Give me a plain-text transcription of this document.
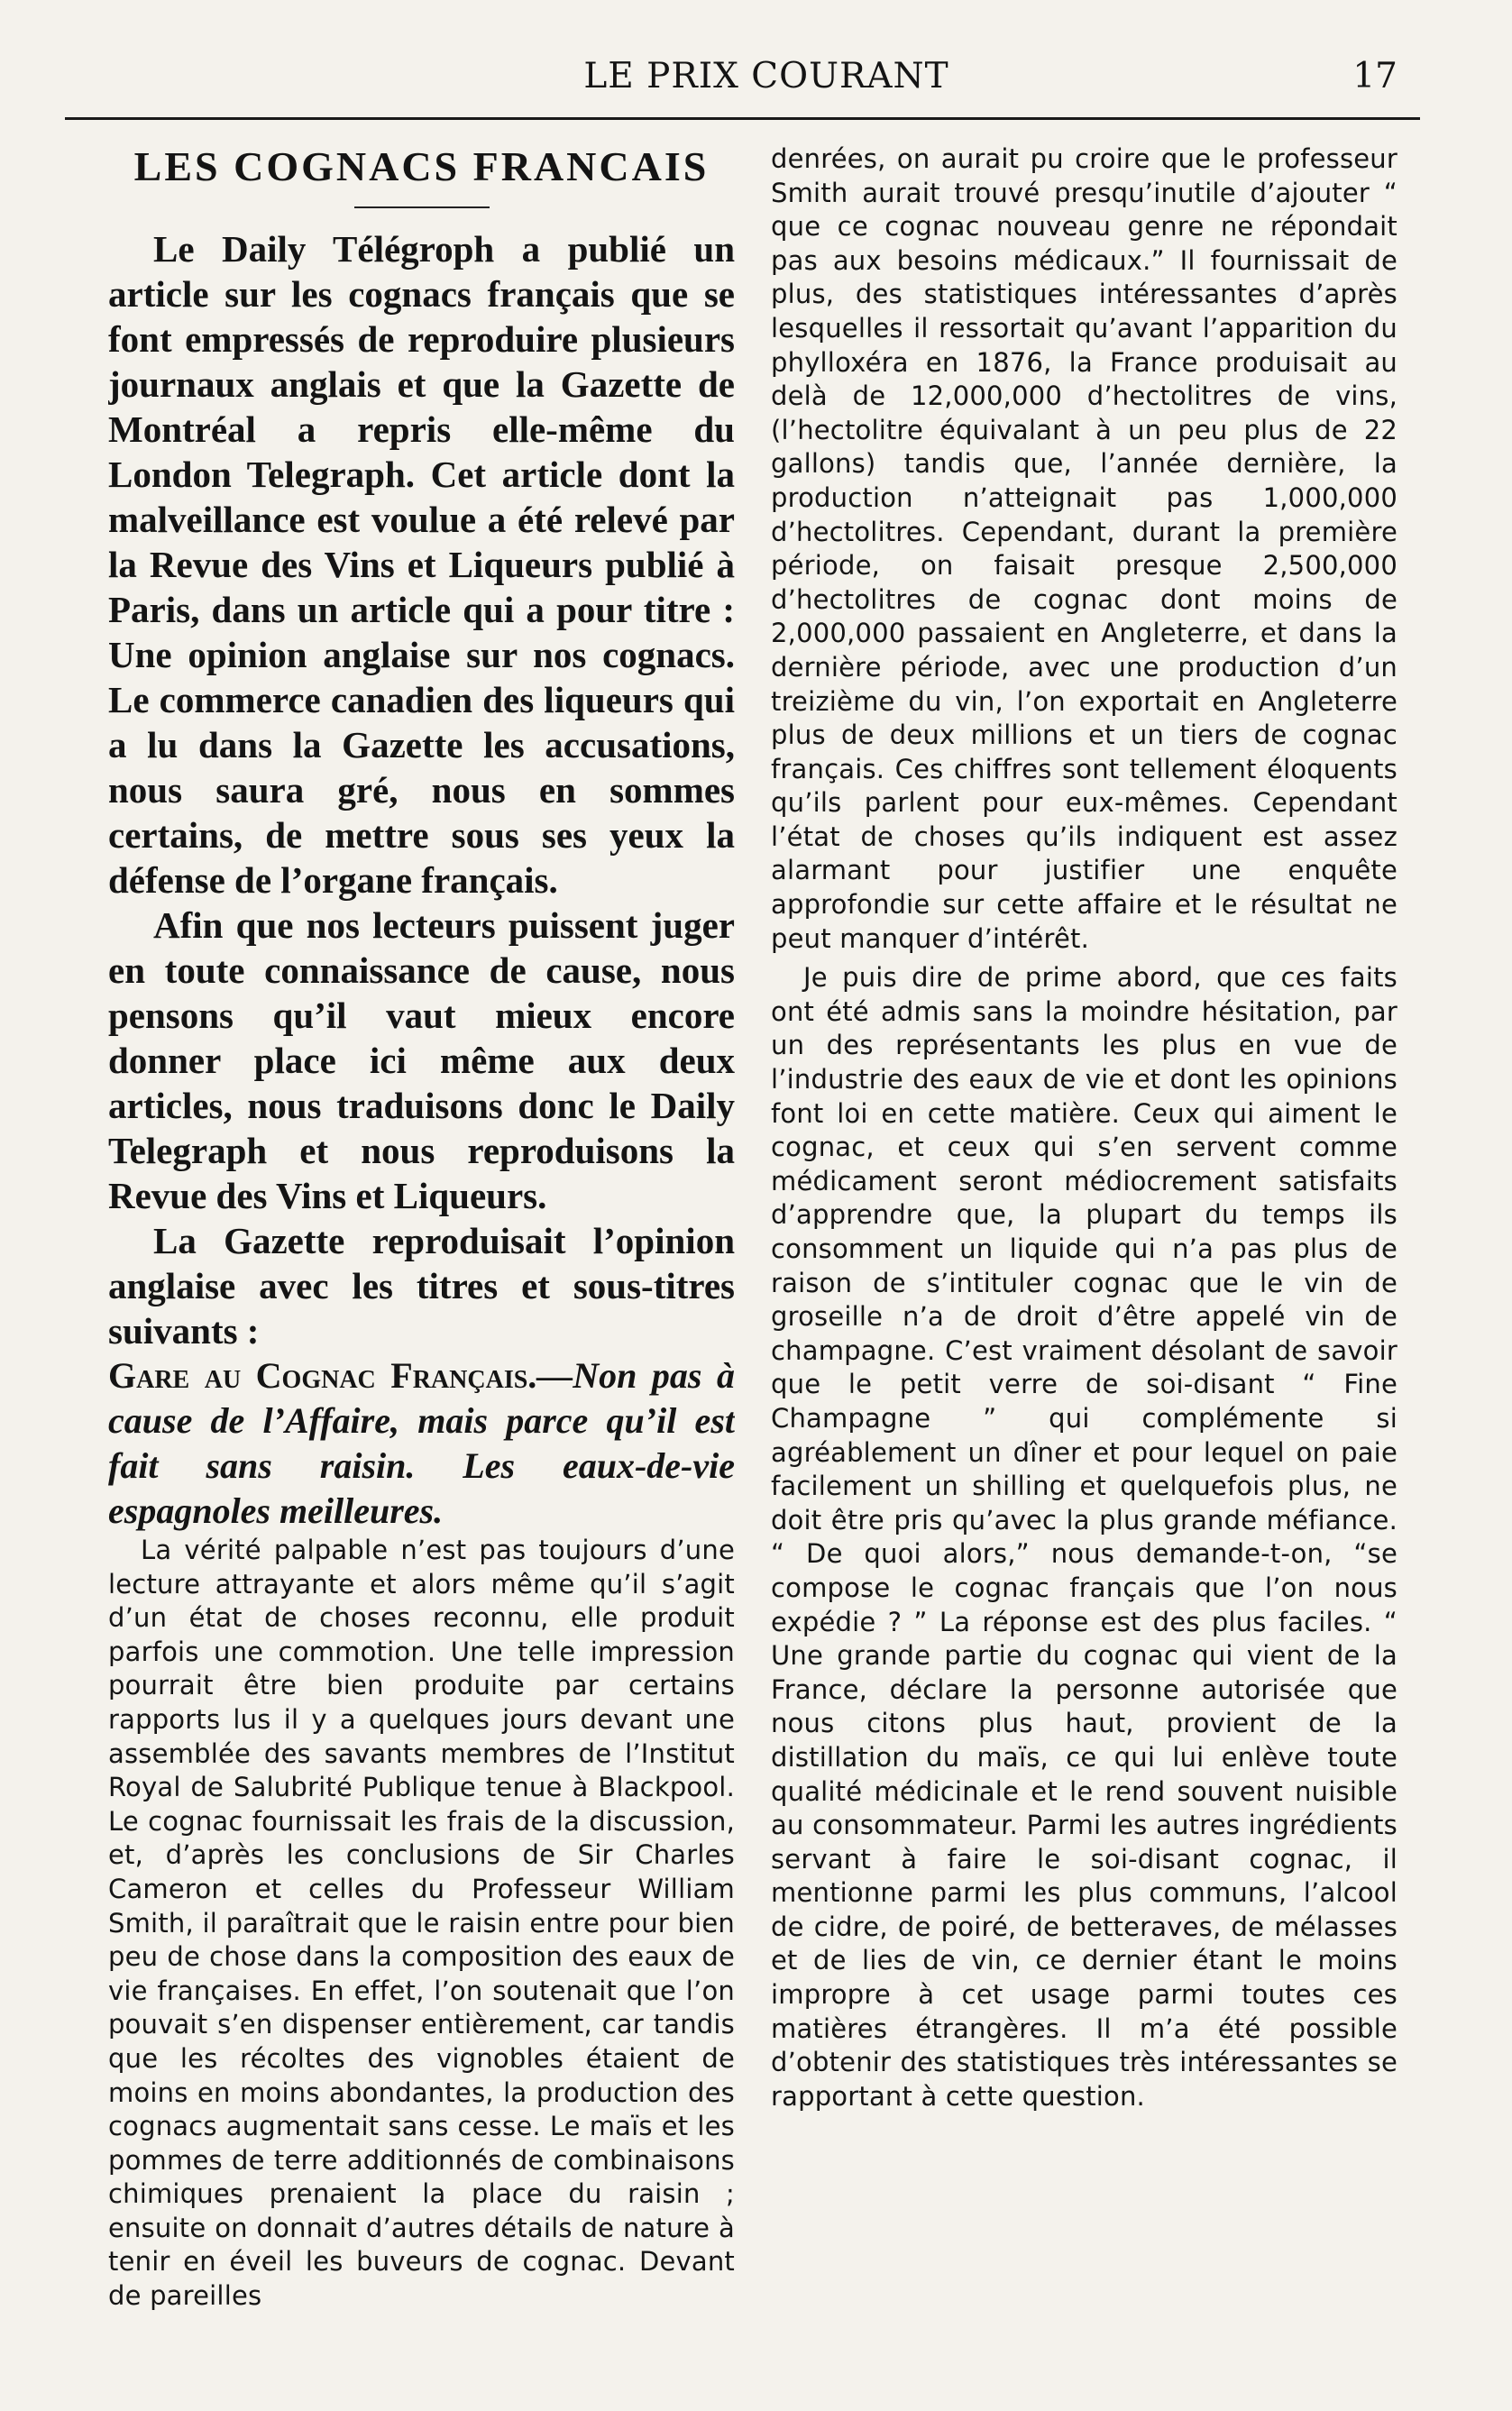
LE PRIX COURANT	17
LES COGNACS FRANCAIS

Le Daily Télégroph a publié un article sur les cognacs français que se font empressés de reproduire plusieurs journaux anglais et que la Gazette de Montréal a repris elle-même du London Telegraph. Cet article dont la malveillance est voulue a été relevé par la Revue des Vins et Liqueurs publié à Paris, dans un article qui a pour titre : Une opinion anglaise sur nos cognacs. Le commerce canadien des liqueurs qui a lu dans la Gazette les accusations, nous saura gré, nous en sommes certains, de mettre sous ses yeux la défense de l’organe français.

Afin que nos lecteurs puissent juger en toute connaissance de cause, nous pensons qu’il vaut mieux encore donner place ici même aux deux articles, nous traduisons donc le Daily Telegraph et nous reproduisons la Revue des Vins et Liqueurs.

La Gazette reproduisait l’opinion anglaise avec les titres et sous-titres suivants :

Gare au Cognac Français.—Non pas à cause de l’Affaire, mais parce qu’il est fait sans raisin. Les eaux-de-vie espagnoles meilleures.

La vérité palpable n’est pas toujours d’une lecture attrayante et alors même qu’il s’agit d’un état de choses reconnu, elle produit parfois une commotion. Une telle impression pourrait être bien produite par certains rapports lus il y a quelques jours devant une assemblée des savants membres de l’Institut Royal de Salubrité Publique tenue à Blackpool. Le cognac fournissait les frais de la discussion, et, d’après les conclusions de Sir Charles Cameron et celles du Professeur William Smith, il paraîtrait que le raisin entre pour bien peu de chose dans la composition des eaux de vie françaises. En effet, l’on soutenait que l’on pouvait s’en dispenser entièrement, car tandis que les récoltes des vignobles étaient de moins en moins abondantes, la production des cognacs augmentait sans cesse. Le maïs et les pommes de terre additionnés de combinaisons chimiques prenaient la place du raisin ; ensuite on donnait d’autres détails de nature à tenir en éveil les buveurs de cognac. Devant de pareilles

denrées, on aurait pu croire que le professeur Smith aurait trouvé presqu’inutile d’ajouter “ que ce cognac nouveau genre ne répondait pas aux besoins médicaux.” Il fournissait de plus, des statistiques intéressantes d’après lesquelles il ressortait qu’avant l’apparition du phylloxéra en 1876, la France produisait au delà de 12,000,000 d’hectolitres de vins, (l’hectolitre équivalant à un peu plus de 22 gallons) tandis que, l’année dernière, la production n’atteignait pas 1,000,000 d’hectolitres. Cependant, durant la première période, on faisait presque 2,500,000 d’hectolitres de cognac dont moins de 2,000,000 passaient en Angleterre, et dans la dernière période, avec une production d’un treizième du vin, l’on exportait en Angleterre plus de deux millions et un tiers de cognac français. Ces chiffres sont tellement éloquents qu’ils parlent pour eux-mêmes. Cependant l’état de choses qu’ils indiquent est assez alarmant pour justifier une enquête approfondie sur cette affaire et le résultat ne peut manquer d’intérêt.

Je puis dire de prime abord, que ces faits ont été admis sans la moindre hésitation, par un des représentants les plus en vue de l’industrie des eaux de vie et dont les opinions font loi en cette matière. Ceux qui aiment le cognac, et ceux qui s’en servent comme médicament seront médiocrement satisfaits d’apprendre que, la plupart du temps ils consomment un liquide qui n’a pas plus de raison de s’intituler cognac que le vin de groseille n’a de droit d’être appelé vin de champagne. C’est vraiment désolant de savoir que le petit verre de soi-disant “ Fine Champagne ” qui complémente si agréablement un dîner et pour lequel on paie facilement un shilling et quelquefois plus, ne doit être pris qu’avec la plus grande méfiance. “ De quoi alors,” nous demande-t-on, “se compose le cognac français que l’on nous expédie ? ” La réponse est des plus faciles. “ Une grande partie du cognac qui vient de la France, déclare la personne autorisée que nous citons plus haut, provient de la distillation du maïs, ce qui lui enlève toute qualité médicinale et le rend souvent nuisible au consommateur. Parmi les autres ingrédients servant à faire le soi-disant cognac, il mentionne parmi les plus communs, l’alcool de cidre, de poiré, de betteraves, de mélasses et de lies de vin, ce dernier étant le moins impropre à cet usage parmi toutes ces matières étrangères. Il m’a été possible d’obtenir des statistiques très intéressantes se rapportant à cette question.
